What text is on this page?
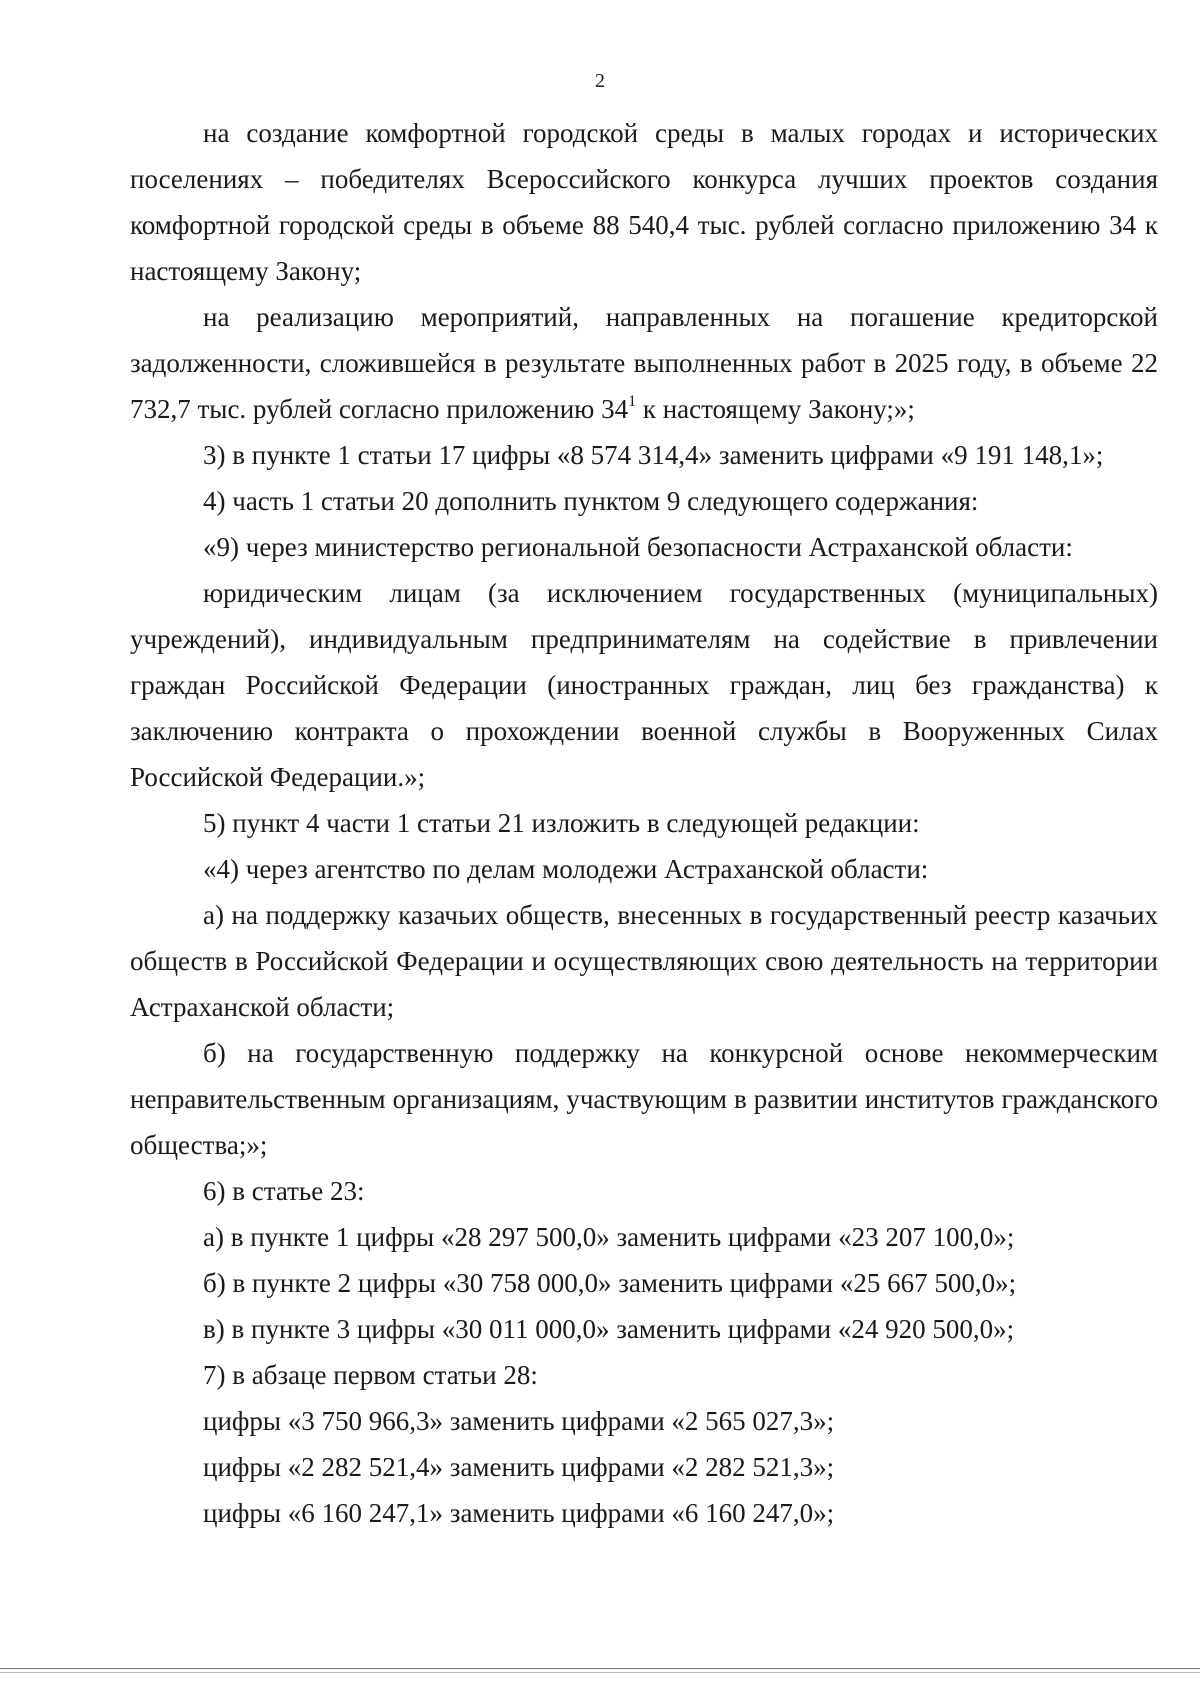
2

на создание комфортной городской среды в малых городах и исторических поселениях – победителях Всероссийского конкурса лучших проектов создания комфортной городской среды в объеме 88 540,4 тыс. рублей согласно приложению 34 к настоящему Закону;

на реализацию мероприятий, направленных на погашение кредиторской задолженности, сложившейся в результате выполненных работ в 2025 году, в объеме 22 732,7 тыс. рублей согласно приложению $34^1$ к настоящему Закону;»;

3) в пункте 1 статьи 17 цифры «8 574 314,4» заменить цифрами «9 191 148,1»;

4) часть 1 статьи 20 дополнить пунктом 9 следующего содержания:

«9) через министерство региональной безопасности Астраханской области:

юридическим лицам (за исключением государственных (муниципальных) учреждений), индивидуальным предпринимателям на содействие в привлечении граждан Российской Федерации (иностранных граждан, лиц без гражданства) к заключению контракта о прохождении военной службы в Вооруженных Силах Российской Федерации.»;

5) пункт 4 части 1 статьи 21 изложить в следующей редакции:

«4) через агентство по делам молодежи Астраханской области:

а) на поддержку казачьих обществ, внесенных в государственный реестр казачьих обществ в Российской Федерации и осуществляющих свою деятельность на территории Астраханской области;

б) на государственную поддержку на конкурсной основе некоммерческим неправительственным организациям, участвующим в развитии институтов гражданского общества;»;

6) в статье 23:

а) в пункте 1 цифры «28 297 500,0» заменить цифрами «23 207 100,0»;

б) в пункте 2 цифры «30 758 000,0» заменить цифрами «25 667 500,0»;

в) в пункте 3 цифры «30 011 000,0» заменить цифрами «24 920 500,0»;

7) в абзаце первом статьи 28:

цифры «3 750 966,3» заменить цифрами «2 565 027,3»;

цифры «2 282 521,4» заменить цифрами «2 282 521,3»;

цифры «6 160 247,1» заменить цифрами «6 160 247,0»;
